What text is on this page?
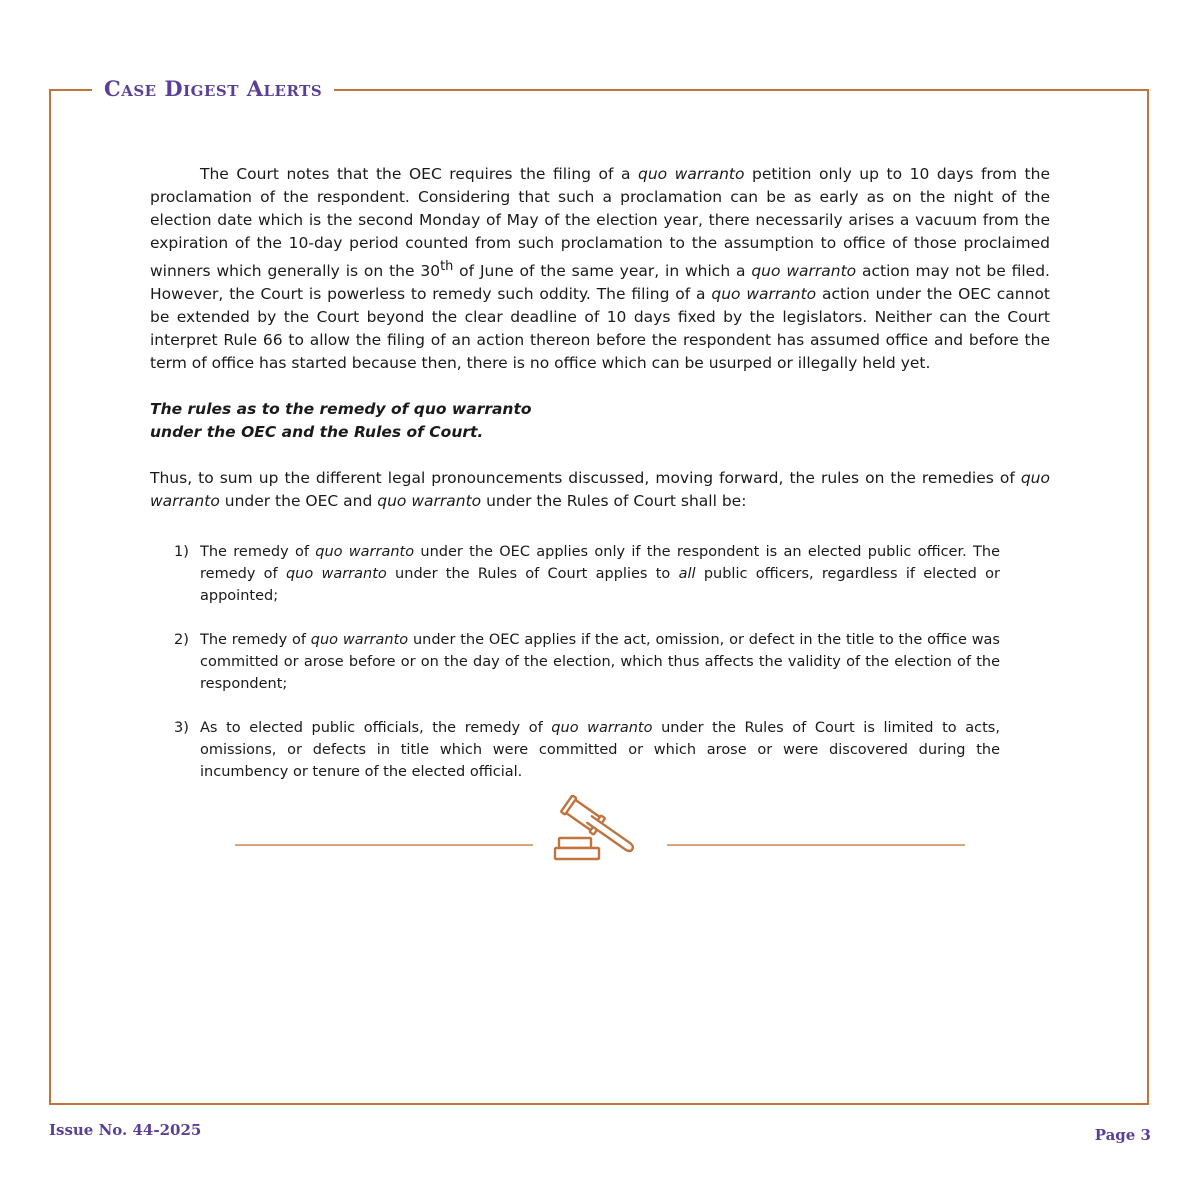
Case Digest Alerts

The Court notes that the OEC requires the filing of a quo warranto petition only up to 10 days from the proclamation of the respondent. Considering that such a proclamation can be as early as on the night of the election date which is the second Monday of May of the election year, there necessarily arises a vacuum from the expiration of the 10-day period counted from such proclamation to the assumption to office of those proclaimed winners which generally is on the 30th of June of the same year, in which a quo warranto action may not be filed. However, the Court is powerless to remedy such oddity. The filing of a quo warranto action under the OEC cannot be extended by the Court beyond the clear deadline of 10 days fixed by the legislators. Neither can the Court interpret Rule 66 to allow the filing of an action thereon before the respondent has assumed office and before the term of office has started because then, there is no office which can be usurped or illegally held yet.

The rules as to the remedy of quo warranto
under the OEC and the Rules of Court.

Thus, to sum up the different legal pronouncements discussed, moving forward, the rules on the remedies of quo warranto under the OEC and quo warranto under the Rules of Court shall be:

1) The remedy of quo warranto under the OEC applies only if the respondent is an elected public officer. The remedy of quo warranto under the Rules of Court applies to all public officers, regardless if elected or appointed;
2) The remedy of quo warranto under the OEC applies if the act, omission, or defect in the title to the office was committed or arose before or on the day of the election, which thus affects the validity of the election of the respondent;
3) As to elected public officials, the remedy of quo warranto under the Rules of Court is limited to acts, omissions, or defects in title which were committed or which arose or were discovered during the incumbency or tenure of the elected official.
Issue No. 44-2025	Page 3
